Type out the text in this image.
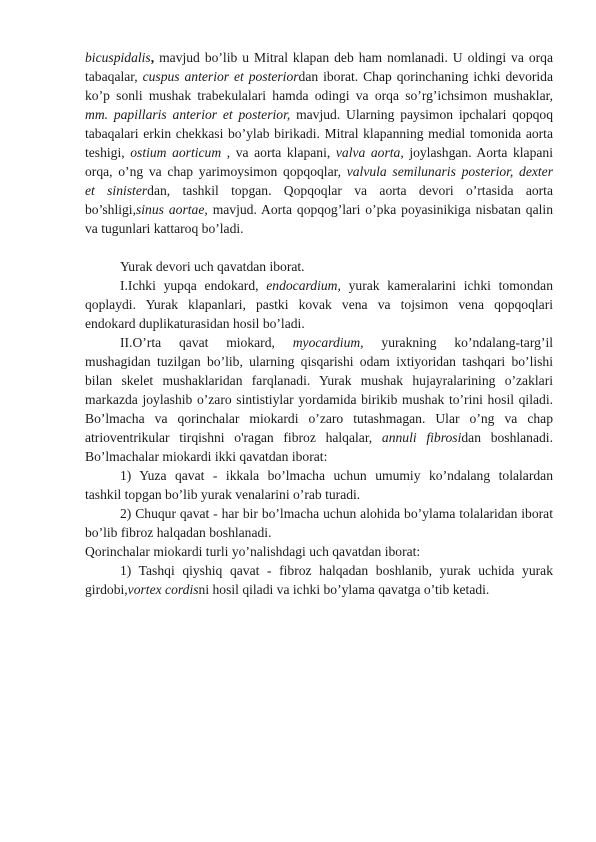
bicuspidalis, mavjud bo’lib u Mitral klapan deb ham nomlanadi. U oldingi va orqa
tabaqalar, cuspus anterior et posteriordan iborat. Chap qorinchaning ichki devorida
ko’p sonli mushak trabekulalari hamda odingi va orqa so’rg’ichsimon mushaklar,
mm. papillaris anterior et posterior, mavjud. Ularning paysimon ipchalari qopqoq
tabaqalari erkin chekkasi bo’ylab birikadi. Mitral klapanning medial tomonida aorta
teshigi, ostium aorticum , va aorta klapani, valva aorta, joylashgan. Aorta klapani
orqa, o’ng va chap yarimoysimon qopqoqlar, valvula semilunaris posterior, dexter
et sinisterdan, tashkil topgan. Qopqoqlar va aorta devori o’rtasida aorta
bo’shligi,sinus aortae, mavjud. Aorta qopqog’lari o’pka poyasinikiga nisbatan qalin
va tugunlari kattaroq bo’ladi.
Yurak devori uch qavatdan iborat.
I.Ichki yupqa endokard, endocardium, yurak kameralarini ichki tomondan
qoplaydi. Yurak klapanlari, pastki kovak vena va tojsimon vena qopqoqlari
endokard duplikaturasidan hosil bo’ladi.
II.O’rta qavat miokard, myocardium, yurakning ko’ndalang-targ’il
mushagidan tuzilgan bo’lib, ularning qisqarishi odam ixtiyoridan tashqari bo’lishi
bilan skelet mushaklaridan farqlanadi. Yurak mushak hujayralarining o’zaklari
markazda joylashib o’zaro sintistiylar yordamida birikib mushak to’rini hosil qiladi.
Bo’lmacha va qorinchalar miokardi o’zaro tutashmagan. Ular o’ng va chap
atrioventrikular tirqishni o'ragan fibroz halqalar, annuli fibrosidan boshlanadi.
Bo’lmachalar miokardi ikki qavatdan iborat:
1) Yuza qavat - ikkala bo’lmacha uchun umumiy ko’ndalang tolalardan
tashkil topgan bo’lib yurak venalarini o’rab turadi.
2) Chuqur qavat - har bir bo’lmacha uchun alohida bo’ylama tolalaridan iborat
bo’lib fibroz halqadan boshlanadi.
Qorinchalar miokardi turli yo’nalishdagi uch qavatdan iborat:
1) Tashqi qiyshiq qavat - fibroz halqadan boshlanib, yurak uchida yurak
girdobi,vortex cordisni hosil qiladi va ichki bo’ylama qavatga o’tib ketadi.
